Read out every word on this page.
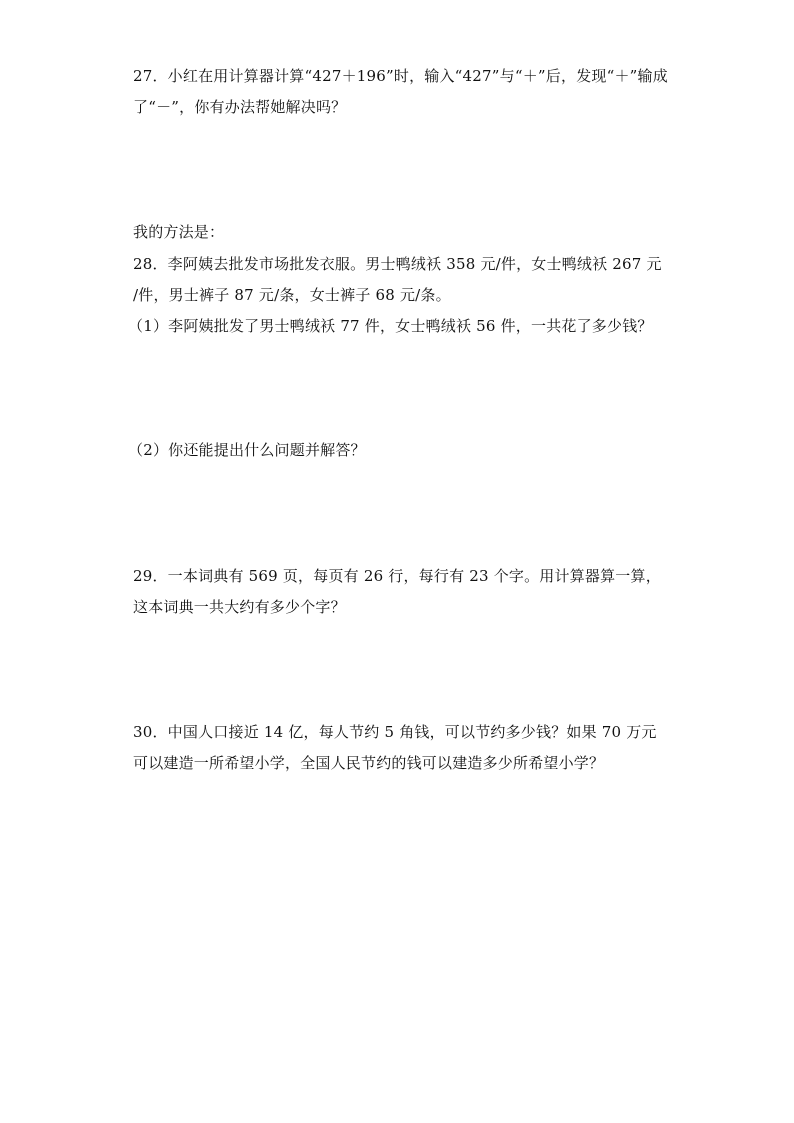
27．小红在用计算器计算“427＋196”时，输入“427”与“＋”后，发现“＋”输成
了“－”，你有办法帮她解决吗？
我的方法是：
28．李阿姨去批发市场批发衣服。男士鸭绒袄 358 元/件，女士鸭绒袄 267 元
/件，男士裤子 87 元/条，女士裤子 68 元/条。
（1）李阿姨批发了男士鸭绒袄 77 件，女士鸭绒袄 56 件，一共花了多少钱？
（2）你还能提出什么问题并解答？
29．一本词典有 569 页，每页有 26 行，每行有 23 个字。用计算器算一算，
这本词典一共大约有多少个字？
30．中国人口接近 14 亿，每人节约 5 角钱，可以节约多少钱？如果 70 万元
可以建造一所希望小学，全国人民节约的钱可以建造多少所希望小学？
